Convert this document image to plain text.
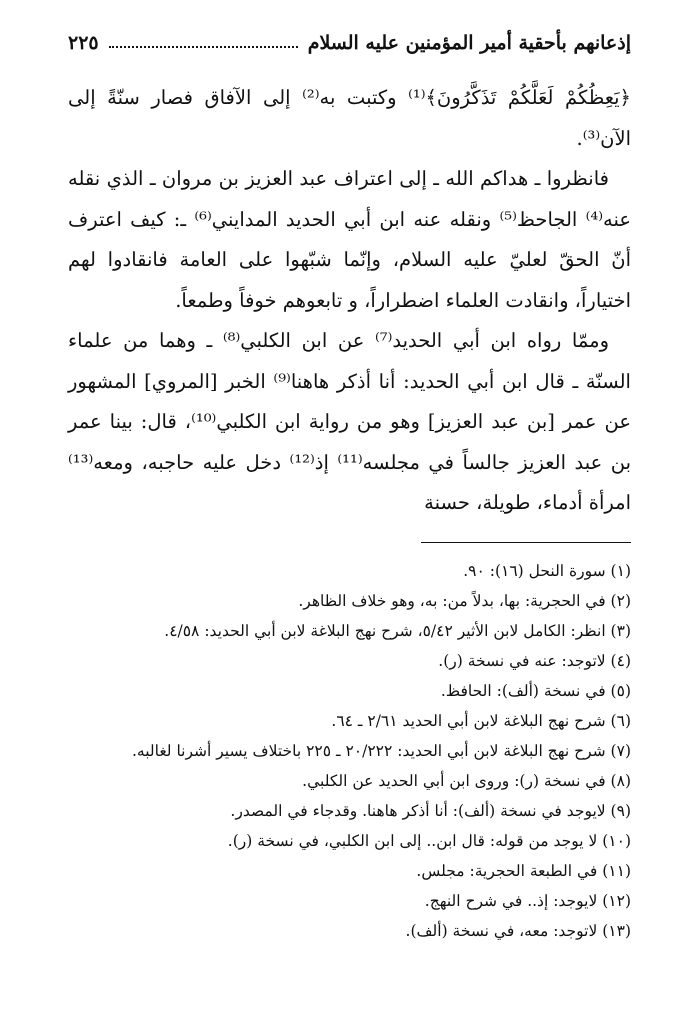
إذعانهم بأحقية أمير المؤمنين عليه السلام
٢٢٥

﴿يَعِظُكُمْ لَعَلَّكُمْ تَذَكَّرُونَ﴾⁽¹⁾ وكتبت به⁽²⁾ إلى الآفاق فصار سنّةً إلى الآن⁽³⁾.

فانظروا ـ هداكم الله ـ إلى اعتراف عبد العزيز بن مروان ـ الذي نقله عنه⁽⁴⁾ الجاحظ⁽⁵⁾ ونقله عنه ابن أبي الحديد المدايني⁽⁶⁾ ـ: كيف اعترف أنّ الحقّ لعليّ عليه السلام، وإنّما شبّهوا على العامة فانقادوا لهم اختياراً، وانقادت العلماء اضطراراً، و تابعوهم خوفاً وطمعاً.

وممّا رواه ابن أبي الحديد⁽⁷⁾ عن ابن الكلبي⁽⁸⁾ ـ وهما من علماء السنّة ـ قال ابن أبي الحديد: أنا أذكر هاهنا⁽⁹⁾ الخبر [المروي] المشهور عن عمر [بن عبد العزيز] وهو من رواية ابن الكلبي⁽¹⁰⁾، قال: بينا عمر بن عبد العزيز جالساً في مجلسه⁽¹¹⁾ إذ⁽¹²⁾ دخل عليه حاجبه، ومعه⁽¹³⁾ امرأة أدماء، طويلة، حسنة

(١) سورة النحل (١٦): ٩٠.
(٢) في الحجرية: بها، بدلاً من: به، وهو خلاف الظاهر.
(٣) انظر: الكامل لابن الأثير ٥/٤٢، شرح نهج البلاغة لابن أبي الحديد: ٤/٥٨.
(٤) لاتوجد: عنه في نسخة (ر).
(٥) في نسخة (ألف): الحافظ.
(٦) شرح نهج البلاغة لابن أبي الحديد ٢/٦١ ـ ٦٤.
(٧) شرح نهج البلاغة لابن أبي الحديد: ٢٠/٢٢٢ ـ ٢٢٥ باختلاف يسير أشرنا لغالبه.
(٨) في نسخة (ر): وروى ابن أبي الحديد عن الكلبي.
(٩) لايوجد في نسخة (ألف): أنا أذكر هاهنا. وقدجاء في المصدر.
(١٠) لا يوجد من قوله: قال ابن.. إلى ابن الكلبي، في نسخة (ر).
(١١) في الطبعة الحجرية: مجلس.
(١٢) لايوجد: إذ.. في شرح النهج.
(١٣) لاتوجد: معه، في نسخة (ألف).
